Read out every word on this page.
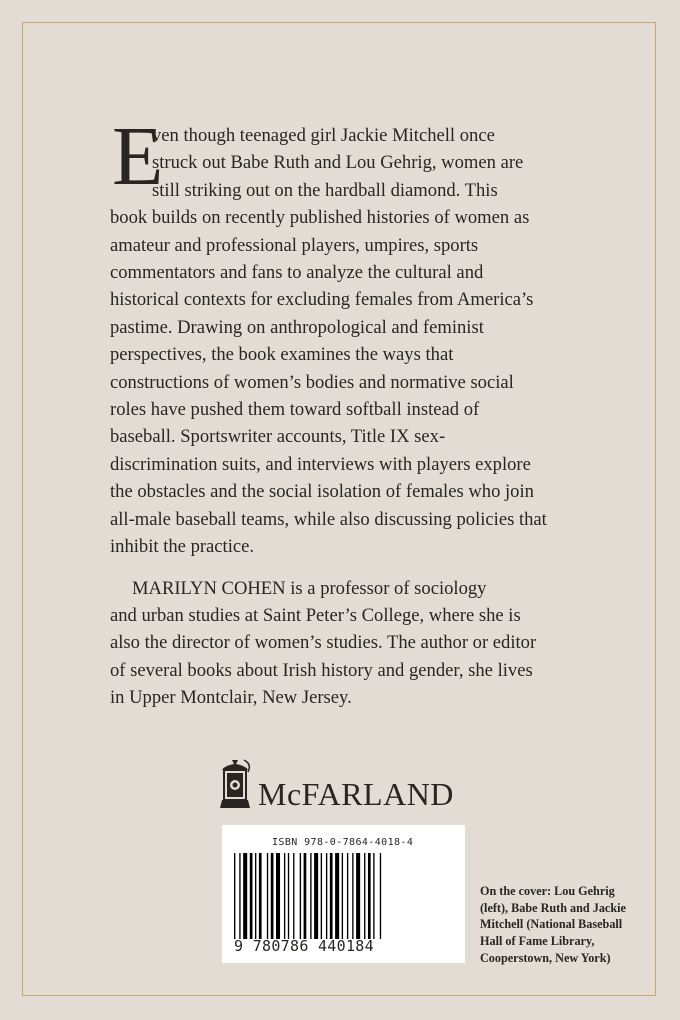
E
ven though teenaged girl Jackie Mitchell once
struck out Babe Ruth and Lou Gehrig, women are
still striking out on the hardball diamond. This
book builds on recently published histories of women as
amateur and professional players, umpires, sports
commentators and fans to analyze the cultural and
historical contexts for excluding females from America’s
pastime. Drawing on anthropological and feminist
perspectives, the book examines the ways that
constructions of women’s bodies and normative social
roles have pushed them toward softball instead of
baseball. Sportswriter accounts, Title IX sex-
discrimination suits, and interviews with players explore
the obstacles and the social isolation of females who join
all-male baseball teams, while also discussing policies that
inhibit the practice.
MARILYN COHEN is a professor of sociology
and urban studies at Saint Peter’s College, where she is
also the director of women’s studies. The author or editor
of several books about Irish history and gender, she lives
in Upper Montclair, New Jersey.
McFARLAND
ISBN 978-0-7864-4018-4
9 780786 440184
On the cover: Lou Gehrig
(left), Babe Ruth and Jackie
Mitchell (National Baseball
Hall of Fame Library,
Cooperstown, New York)
